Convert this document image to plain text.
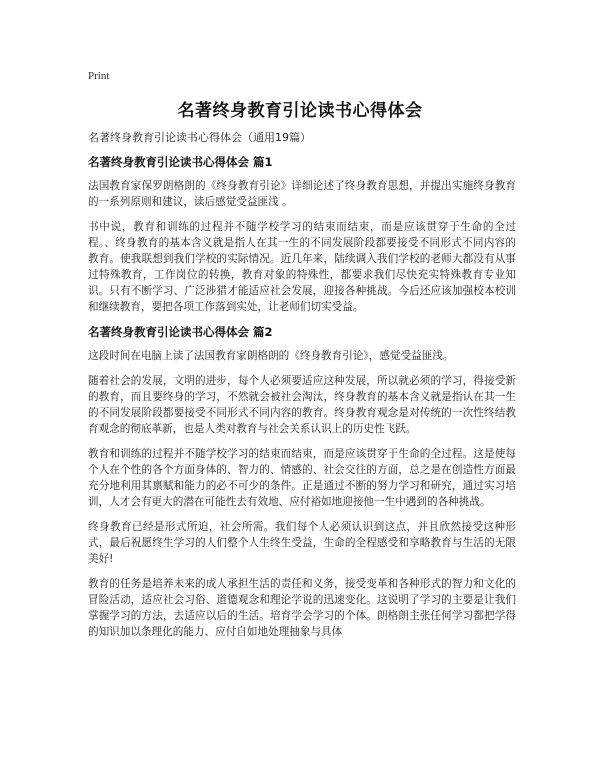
Print
名著终身教育引论读书心得体会

名著终身教育引论读书心得体会（通用19篇）

名著终身教育引论读书心得体会 篇1

法国教育家保罗朗格朗的《终身教育引论》详细论述了终身教育思想，并提出实施终身教育的一系列原则和建议，读后感觉受益匪浅 。

书中说，教育和训练的过程并不随学校学习的结束而结束，而是应该贯穿于生命的全过程。、终身教育的基本含义就是指人在其一生的不同发展阶段都要接受不同形式不同内容的教育。使我联想到我们学校的实际情况。近几年来，陆续调入我们学校的老师大都没有从事过特殊教育，工作岗位的转换，教育对象的特殊性，都要求我们尽快充实特殊教育专业知识。只有不断学习、广泛涉猎才能适应社会发展，迎接各种挑战。今后还应该加强校本校训和继续教育，要把各项工作落到实处，让老师们切实受益。

名著终身教育引论读书心得体会 篇2

这段时间在电脑上读了法国教育家朗格朗的《终身教育引论》，感觉受益匪浅。

随着社会的发展，文明的进步，每个人必须要适应这种发展，所以就必须的学习，得接受新的教育，而且要终身的学习，不然就会被社会淘汰，终身教育的基本含义就是指认在其一生的不同发展阶段都要接受不同形式不同内容的教育。终身教育观念是对传统的一次性终结教育观念的彻底革新，也是人类对教育与社会关系认识上的历史性飞跃。

教育和训练的过程并不随学校学习的结束而结束，而是应该贯穿于生命的全过程。这是使每个人在个性的各个方面身体的、智力的、情感的、社会交往的方面，总之是在创造性方面最充分地利用其禀赋和能力的必不可少的条件。正是通过不断的努力学习和研究，通过实习培训，人才会有更大的潜在可能性去有效地、应付裕如地迎接他一生中遇到的各种挑战。

终身教育已经是形式所迫，社会所需。我们每个人必须认识到这点，并且欣然接受这种形式，最后祝愿终生学习的人们整个人生终生受益，生命的全程感受和享略教育与生活的无限美好!

教育的任务是培养未来的成人承担生活的责任和义务，接受变革和各种形式的智力和文化的冒险活动，适应社会习俗、道德观念和理论学说的迅速变化。这说明了学习的主要是让我们掌握学习的方法，去适应以后的生活。培育学会学习的个体。朗格朗主张任何学习都把学得的知识加以条理化的能力、应付自如地处理抽象与具体
